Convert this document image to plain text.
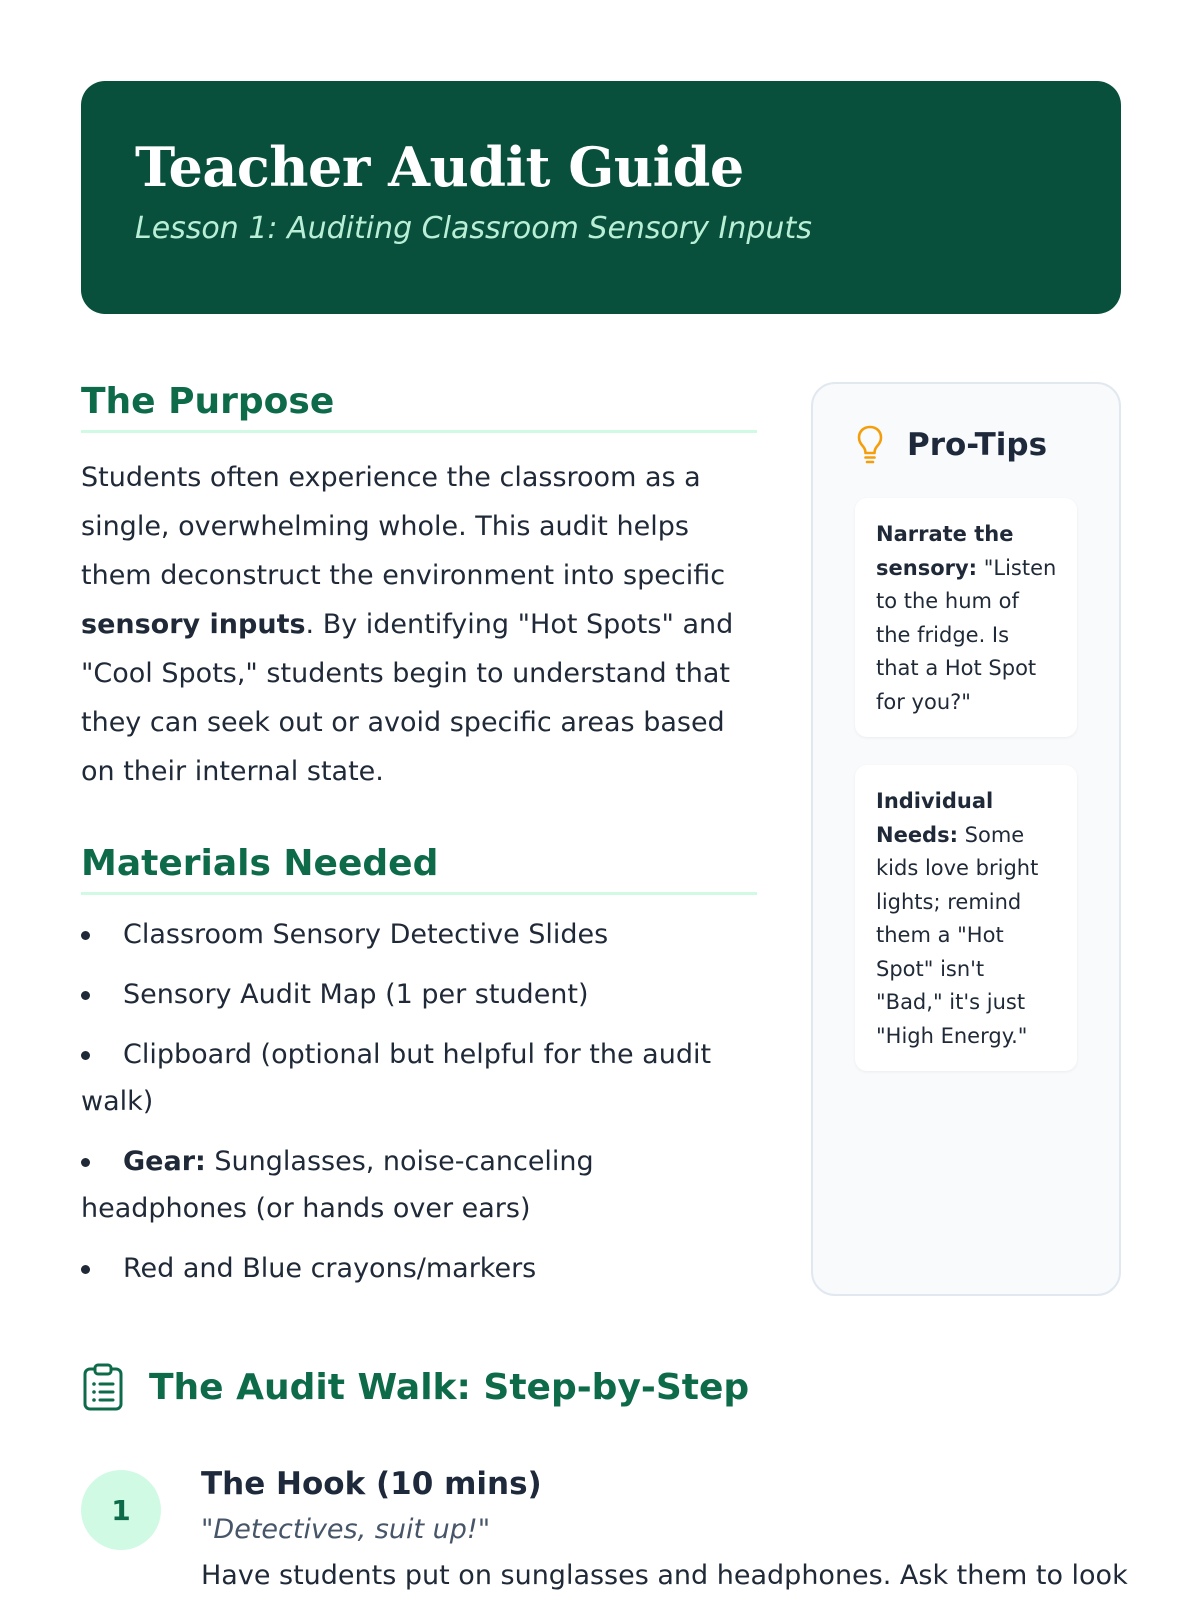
Teacher Audit Guide
Lesson 1: Auditing Classroom Sensory Inputs
The Purpose

Students often experience the classroom as a single, overwhelming whole. This audit helps them deconstruct the environment into specific sensory inputs. By identifying "Hot Spots" and "Cool Spots," students begin to understand that they can seek out or avoid specific areas based on their internal state.

Materials Needed
Classroom Sensory Detective Slides
Sensory Audit Map (1 per student)
Clipboard (optional but helpful for the audit walk)
Gear: Sunglasses, noise-canceling headphones (or hands over ears)
Red and Blue crayons/markers
Pro-Tips
Narrate the sensory: "Listen to the hum of the fridge. Is that a Hot Spot for you?"
Individual Needs: Some kids love bright lights; remind them a "Hot Spot" isn't "Bad," it's just "High Energy."
The Audit Walk: Step-by-Step
1
The Hook (10 mins)
"Detectives, suit up!"
Have students put on sunglasses and headphones. Ask them to look
